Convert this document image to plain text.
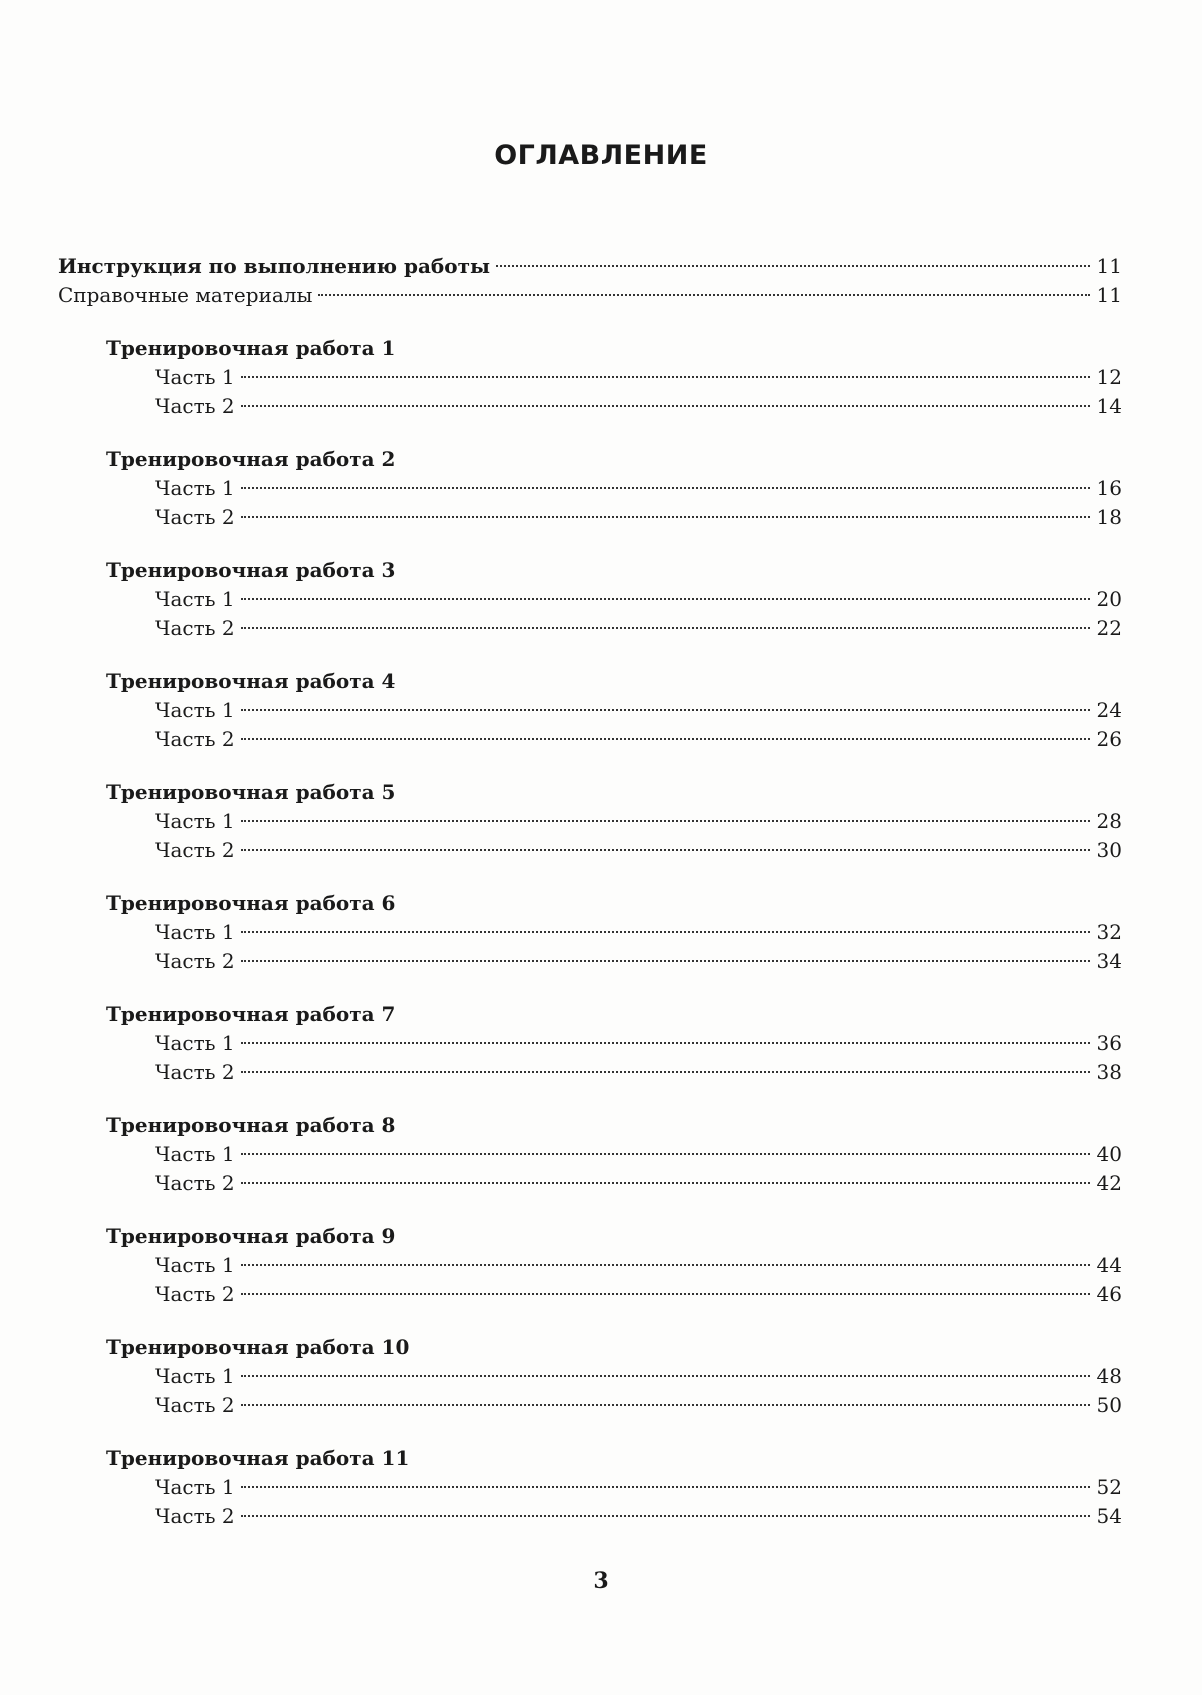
ОГЛАВЛЕНИЕ
Инструкция по выполнению работы	11
Справочные материалы	11
Тренировочная работа 1
Часть 1	12
Часть 2	14
Тренировочная работа 2
Часть 1	16
Часть 2	18
Тренировочная работа 3
Часть 1	20
Часть 2	22
Тренировочная работа 4
Часть 1	24
Часть 2	26
Тренировочная работа 5
Часть 1	28
Часть 2	30
Тренировочная работа 6
Часть 1	32
Часть 2	34
Тренировочная работа 7
Часть 1	36
Часть 2	38
Тренировочная работа 8
Часть 1	40
Часть 2	42
Тренировочная работа 9
Часть 1	44
Часть 2	46
Тренировочная работа 10
Часть 1	48
Часть 2	50
Тренировочная работа 11
Часть 1	52
Часть 2	54
3
